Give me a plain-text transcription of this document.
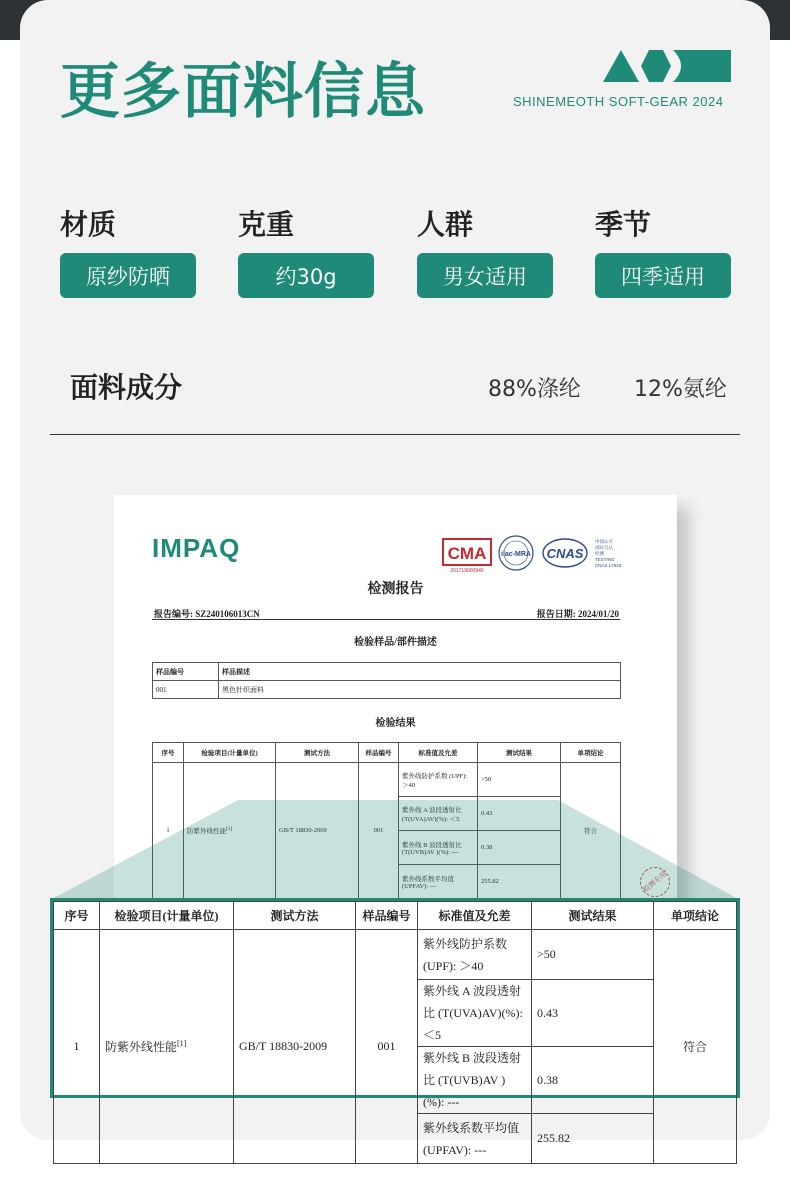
更多面料信息	SHINEMEOTH SOFT-GEAR 2024
材质
原纱防晒
克重
约30g
人群
男女适用
季节
四季适用
面料成分	88%涤纶 12%氨纶
IMPAQ	CMA
201719000940
ilac-MRA CNAS
中国认可
国际互认
检测
TESTING
CNAS L7523
检测报告
报告编号: SZ240106013CN	报告日期: 2024/01/20
检验样品/部件描述
样品编号	样品描述
001	黑色针织面料
检验结果
序号	检验项目(计量单位)	测试方法	样品编号	标准值及允差	测试结果	单项结论
1	防紫外线性能[1]	GB/T 18830-2009	001	紫外线防护系数 (UPF): ＞40	>50	符合
				紫外线 A 波段透射比 (T(UVA)AV)(%): ＜5	0.43	
				紫外线 B 波段透射比 (T(UVB)AV )(%): ---	0.38	
				紫外线系数平均值 (UPFAV): ---	255.82		检测专用
序号	检验项目(计量单位)	测试方法	样品编号	标准值及允差	测试结果	单项结论
1	防紫外线性能[1]	GB/T 18830-2009	001	紫外线防护系数 (UPF): ＞40	>50	符合
				紫外线 A 波段透射比 (T(UVA)AV)(%): ＜5	0.43	
				紫外线 B 波段透射比 (T(UVB)AV )(%): ---	0.38	
				紫外线系数平均值 (UPFAV): ---	255.82	
